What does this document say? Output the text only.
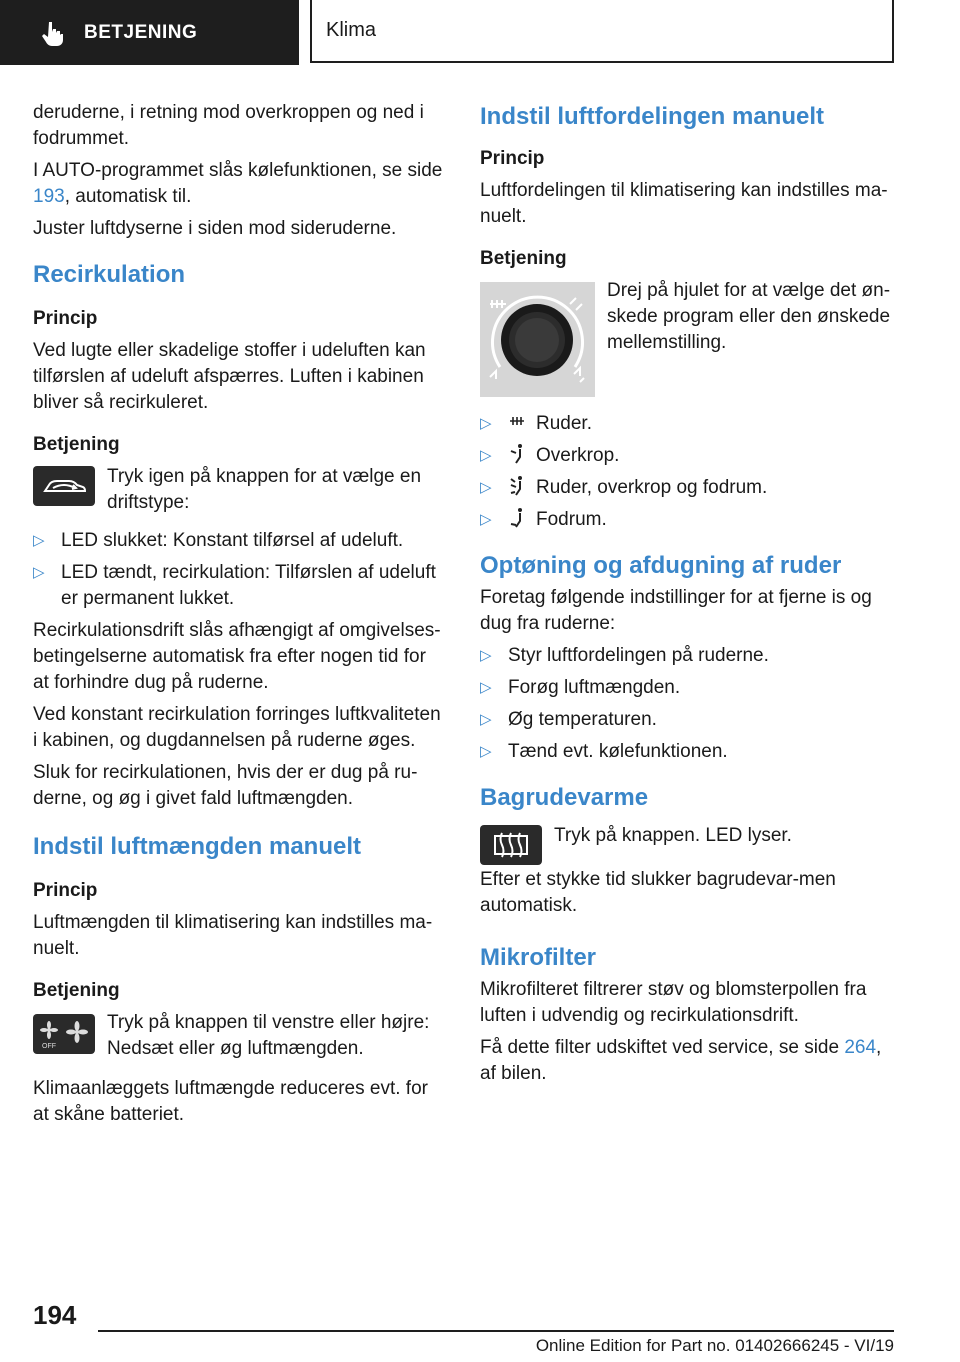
BETJENING	Klima

deruderne, i retning mod overkroppen og ned i fodrummet.

I AUTO-programmet slås kølefunktionen, se side 193, automatisk til.

Juster luftdyserne i siden mod sideruderne.

Recirkulation

Princip

Ved lugte eller skadelige stoffer i udeluften kan tilførslen af udeluft afspærres. Luften i kabinen bliver så recirkuleret.

Betjening

Tryk igen på knappen for at vælge en driftstype:
▷ LED slukket: Konstant tilførsel af udeluft.
▷ LED tændt, recirkulation: Tilførslen af udeluft er permanent lukket.

Recirkulationsdrift slås afhængigt af omgivelses-betingelserne automatisk fra efter nogen tid for at forhindre dug på ruderne.

Ved konstant recirkulation forringes luftkvaliteten i kabinen, og dugdannelsen på ruderne øges.

Sluk for recirkulationen, hvis der er dug på ru-derne, og øg i givet fald luftmængden.

Indstil luftmængden manuelt

Princip

Luftmængden til klimatisering kan indstilles ma-nuelt.

Betjening

OFF
Tryk på knappen til venstre eller højre: Nedsæt eller øg luftmængden.

Klimaanlæggets luftmængde reduceres evt. for at skåne batteriet.

Indstil luftfordelingen manuelt

Princip

Luftfordelingen til klimatisering kan indstilles ma-nuelt.

Betjening

Drej på hjulet for at vælge det øn-skede program eller den ønskede mellemstilling.
▷ Ruder.
▷ Overkrop.
▷ Ruder, overkrop og fodrum.
▷ Fodrum.
Optøning og afdugning af ruder

Foretag følgende indstillinger for at fjerne is og dug fra ruderne:

▷ Styr luftfordelingen på ruderne.
▷ Forøg luftmængden.
▷ Øg temperaturen.
▷ Tænd evt. kølefunktionen.
Bagrudevarme

Tryk på knappen. LED lyser.

Efter et stykke tid slukker bagrudevar-men automatisk.

Mikrofilter

Mikrofilteret filtrerer støv og blomsterpollen fra luften i udvendig og recirkulationsdrift.

Få dette filter udskiftet ved service, se side 264, af bilen.

194
Online Edition for Part no. 01402666245 - VI/19
